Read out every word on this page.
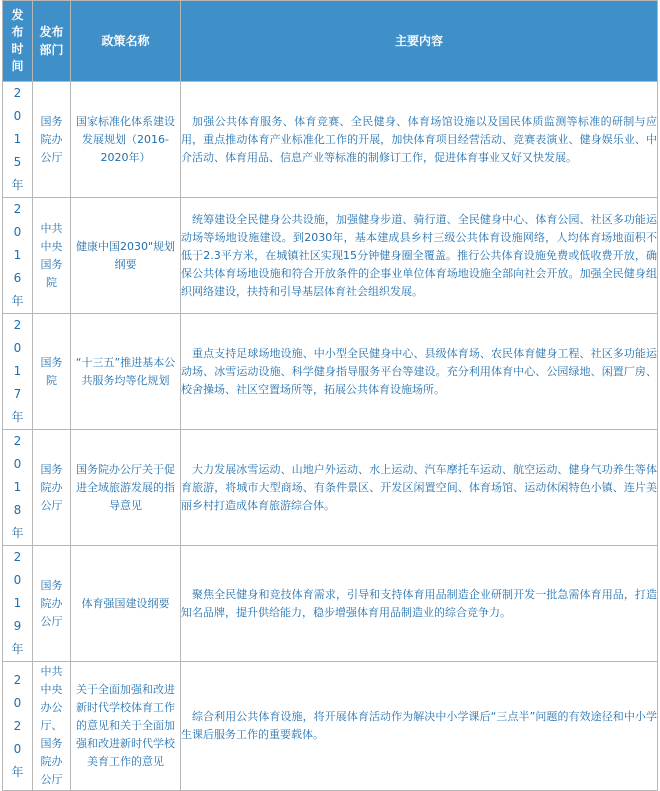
发布时间	发布部门	政策名称	主要内容
2015年	国务院办公厅	国家标准化体系建设发展规划（2016-2020年）	加强公共体育服务、体育竞赛、全民健身、体育场馆设施以及国民体质监测等标准的研制与应用，重点推动体育产业标准化工作的开展，加快体育项目经营活动、竞赛表演业、健身娱乐业、中介活动、体育用品、信息产业等标准的制修订工作，促进体育事业又好又快发展。
2016年	中共中央国务院	健康中国2030"规划纲要	统筹建设全民健身公共设施，加强健身步道、骑行道、全民健身中心、体育公园、社区多功能运动场等场地设施建设。到2030年，基本建成县乡村三级公共体育设施网络，人均体育场地面积不低于2.3平方米，在城镇社区实现15分钟健身圈全覆盖。推行公共体育设施免费或低收费开放，确保公共体育场地设施和符合开放条件的企事业单位体育场地设施全部向社会开放。加强全民健身组织网络建设，扶持和引导基层体育社会组织发展。
2017年	国务院	“十三五”推进基本公共服务均等化规划	重点支持足球场地设施、中小型全民健身中心、县级体育场、农民体育健身工程、社区多功能运动场、冰雪运动设施、科学健身指导服务平台等建设。充分利用体育中心、公园绿地、闲置厂房、校舍操场、社区空置场所等，拓展公共体育设施场所。
2018年	国务院办公厅	国务院办公厅关于促进全域旅游发展的指导意见	大力发展冰雪运动、山地户外运动、水上运动、汽车摩托车运动、航空运动、健身气功养生等体育旅游，将城市大型商场、有条件景区、开发区闲置空间、体育场馆、运动休闲特色小镇、连片美丽乡村打造成体育旅游综合体。
2019年	国务院办公厅	体育强国建设纲要	聚焦全民健身和竞技体育需求，引导和支持体育用品制造企业研制开发一批急需体育用品，打造知名品牌，提升供给能力，稳步增强体育用品制造业的综合竞争力。
2020年	中共中央办公厅、国务院办公厅	关于全面加强和改进新时代学校体育工作的意见和关于全面加强和改进新时代学校美育工作的意见	综合利用公共体育设施，将开展体育活动作为解决中小学课后“三点半”问题的有效途径和中小学生课后服务工作的重要载体。
